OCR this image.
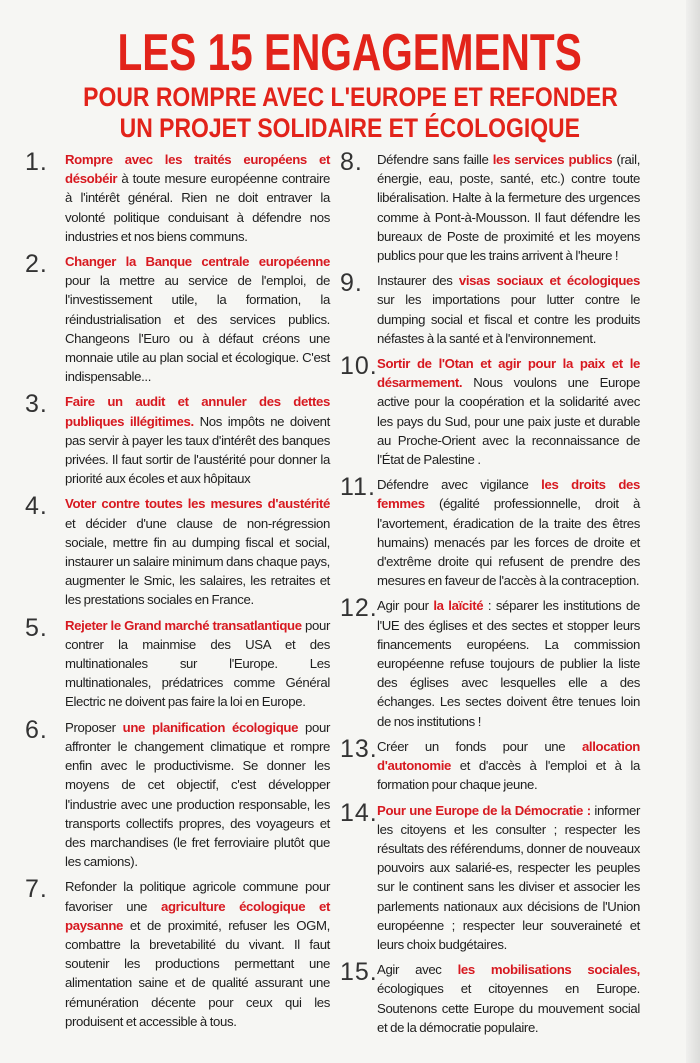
LES 15 ENGAGEMENTS
POUR ROMPRE AVEC L'EUROPE ET REFONDER
UN PROJET SOLIDAIRE ET ÉCOLOGIQUE
1.	Rompre avec les traités européens et désobéir à toute mesure européenne contraire à l'intérêt général. Rien ne doit entraver la volonté politique conduisant à défendre nos industries et nos biens communs.
2.	Changer la Banque centrale européenne pour la mettre au service de l'emploi, de l'investissement utile, la formation, la réindustrialisation et des services publics. Changeons l'Euro ou à défaut créons une monnaie utile au plan social et écologique. C'est indispensable...
3.	Faire un audit et annuler des dettes publiques illégitimes. Nos impôts ne doivent pas servir à payer les taux d'intérêt des banques privées. Il faut sortir de l'austérité pour donner la priorité aux écoles et aux hôpitaux
4.	Voter contre toutes les mesures d'austérité et décider d'une clause de non-régression sociale, mettre fin au dumping fiscal et social, instaurer un salaire minimum dans chaque pays, augmenter le Smic, les salaires, les retraites et les prestations sociales en France.
5.	Rejeter le Grand marché transatlantique pour contrer la mainmise des USA et des multinationales sur l'Europe. Les multinationales, prédatrices comme Général Electric ne doivent pas faire la loi en Europe.
6.	Proposer une planification écologique pour affronter le changement climatique et rompre enfin avec le productivisme. Se donner les moyens de cet objectif, c'est développer l'industrie avec une production responsable, les transports collectifs propres, des voyageurs et des marchandises (le fret ferroviaire plutôt que les camions).
7.	Refonder la politique agricole commune pour favoriser une agriculture écologique et paysanne et de proximité, refuser les OGM, combattre la brevetabilité du vivant. Il faut soutenir les productions permettant une alimentation saine et de qualité assurant une rémunération décente pour ceux qui les produisent et accessible à tous.
8.	Défendre sans faille les services publics (rail, énergie, eau, poste, santé, etc.) contre toute libéralisation. Halte à la fermeture des urgences comme à Pont-à-Mousson. Il faut défendre les bureaux de Poste de proximité et les moyens publics pour que les trains arrivent à l'heure !
9.	Instaurer des visas sociaux et écologiques sur les importations pour lutter contre le dumping social et fiscal et contre les produits néfastes à la santé et à l'environnement.
10. Sortir de l'Otan et agir pour la paix et le désarmement. Nous voulons une Europe active pour la coopération et la solidarité avec les pays du Sud, pour une paix juste et durable au Proche-Orient avec la reconnaissance de l'État de Palestine .
11. Défendre avec vigilance les droits des femmes (égalité professionnelle, droit à l'avortement, éradication de la traite des êtres humains) menacés par les forces de droite et d'extrême droite qui refusent de prendre des mesures en faveur de l'accès à la contraception.
12. Agir pour la laïcité : séparer les institutions de l'UE des églises et des sectes et stopper leurs financements européens. La commission européenne refuse toujours de publier la liste des églises avec lesquelles elle a des échanges. Les sectes doivent être tenues loin de nos institutions !
13. Créer un fonds pour une allocation d'autonomie et d'accès à l'emploi et à la formation pour chaque jeune.
14. Pour une Europe de la Démocratie : informer les citoyens et les consulter ; respecter les résultats des référendums, donner de nouveaux pouvoirs aux salarié-es, respecter les peuples sur le continent sans les diviser et associer les parlements nationaux aux décisions de l'Union européenne ; respecter leur souveraineté et leurs choix budgétaires.
15. Agir avec les mobilisations sociales, écologiques et citoyennes en Europe. Soutenons cette Europe du mouvement social et de la démocratie populaire.
